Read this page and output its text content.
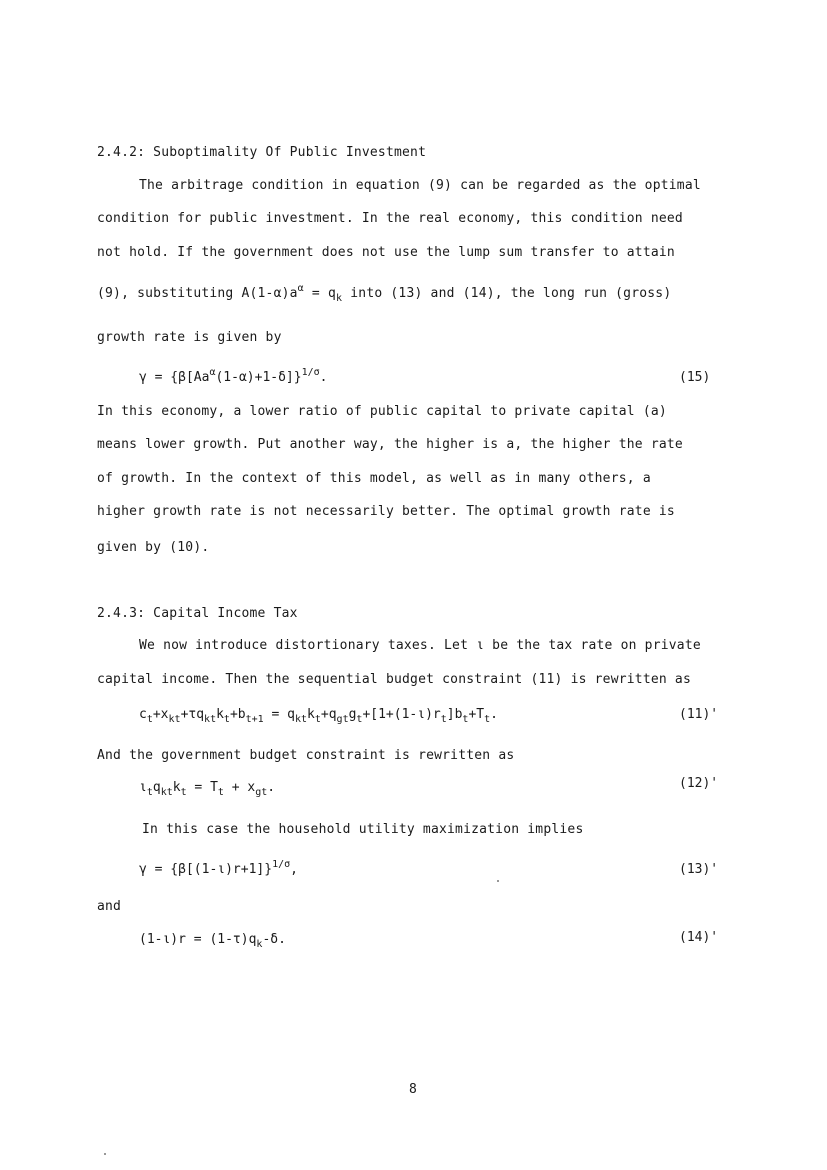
2.4.2: Suboptimality Of Public Investment
The arbitrage condition in equation (9) can be regarded as the optimal
condition for public investment. In the real economy, this condition need
not hold. If the government does not use the lump sum transfer to attain
(9), substituting $A(1-\alpha)a^\alpha = q_k$ into (13) and (14), the long run (gross)
growth rate is given by
$\gamma = \{\beta[Aa^\alpha(1-\alpha)+1-\delta]\}^{1/\sigma}$.	(15)
In this economy, a lower ratio of public capital to private capital (a)
means lower growth. Put another way, the higher is a, the higher the rate
of growth. In the context of this model, as well as in many others, a
higher growth rate is not necessarily better. The optimal growth rate is
given by (10).
2.4.3: Capital Income Tax
We now introduce distortionary taxes. Let ι be the tax rate on private
capital income. Then the sequential budget constraint (11) is rewritten as
$c_t+x_{kt}+\tau q_{kt}k_t+b_{t+1} = q_{kt}k_t+q_{gt}g_t+[1+(1-\iota)r_t]b_t+T_t$.	(11)'
And the government budget constraint is rewritten as
$\iota_tq_{kt}k_t = T_t + x_{gt}$.	(12)'
In this case the household utility maximization implies
$\gamma = \{\beta[(1-\iota)r+1]\}^{1/\sigma}$,	(13)'
and
$(1-\iota)r = (1-\tau)q_k-\delta$.	(14)'
8
